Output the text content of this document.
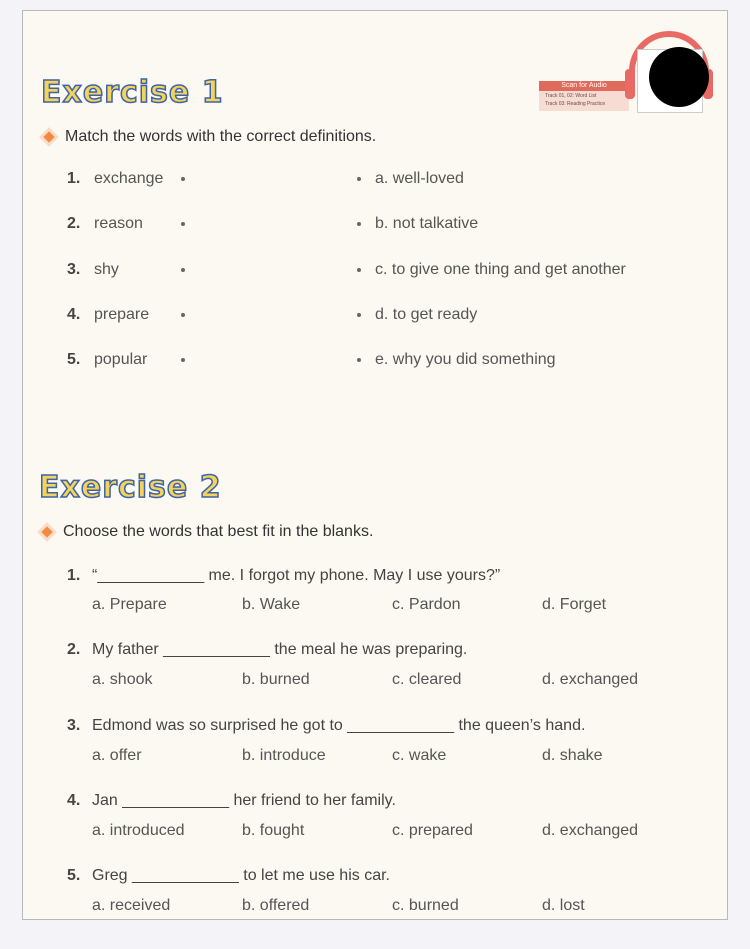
Scan for Audio
Track 01, 02: Word List
Track 03: Reading Practice
Exercise 1
Match the words with the correct definitions.
1. exchange	a. well-loved
2. reason	b. not talkative
3. shy	c. to give one thing and get another
4. prepare	d. to get ready
5. popular	e. why you did something
Exercise 2
Choose the words that best fit in the blanks.
1. “____________ me. I forgot my phone. May I use yours?”
a. Prepare	b. Wake	c. Pardon	d. Forget
2. My father ____________ the meal he was preparing.
a. shook	b. burned	c. cleared	d. exchanged
3. Edmond was so surprised he got to ____________ the queen’s hand.
a. offer	b. introduce	c. wake	d. shake
4. Jan ____________ her friend to her family.
a. introduced	b. fought	c. prepared	d. exchanged
5. Greg ____________ to let me use his car.
a. received	b. offered	c. burned	d. lost
